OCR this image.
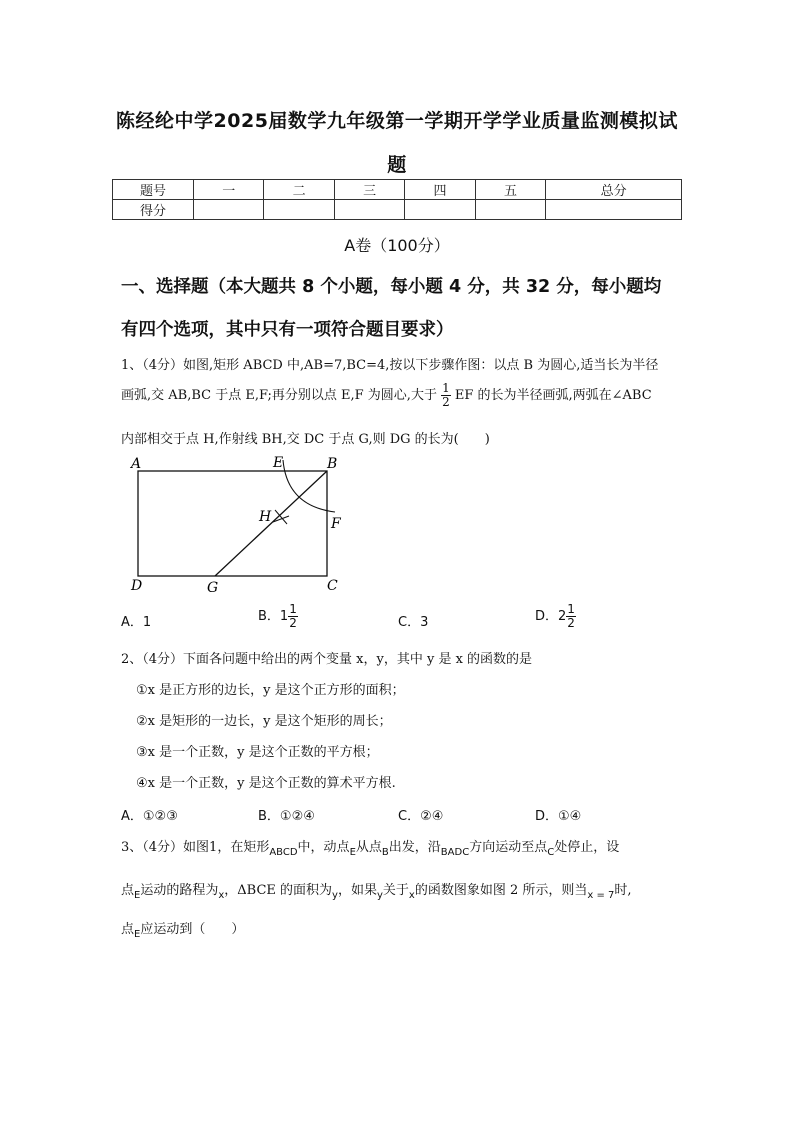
陈经纶中学2025届数学九年级第一学期开学学业质量监测模拟试
题
题号	一	二	三	四	五	总分
得分						
A卷（100分）
一、选择题（本大题共 8 个小题，每小题 4 分，共 32 分，每小题均
有四个选项，其中只有一项符合题目要求）
1、（4分）如图,矩形 ABCD 中,AB=7,BC=4,按以下步骤作图：以点 B 为圆心,适当长为半径
画弧,交 AB,BC 于点 E,F;再分别以点 E,F 为圆心,大于 $\frac{1}{2}$ EF 的长为半径画弧,两弧在∠ABC
内部相交于点 H,作射线 BH,交 DC 于点 G,则 DG 的长为(　　)
A	B
E
F
H
D	G	C
A．1	B．$1 \frac{1}{2}$	C．3	D．$2 \frac{1}{2}$
2、（4分）下面各问题中给出的两个变量 x，y，其中 y 是 x 的函数的是
①x 是正方形的边长，y 是这个正方形的面积；
②x 是矩形的一边长，y 是这个矩形的周长；
③x 是一个正数，y 是这个正数的平方根；
④x 是一个正数，y 是这个正数的算术平方根.
A．①②③	B．①②④	C．②④	D．①④
3、（4分）如图1，在矩形$_{ABCD}$中，动点$_E$从点$_B$出发，沿$_{BADC}$方向运动至点$_C$处停止，设
点$_E$运动的路程为$_x$，ΔBCE 的面积为$_y$，如果$_y$关于$_x$的函数图象如图 2 所示，则当$_{x = 7}$时,
点$_E$应运动到（　　）
